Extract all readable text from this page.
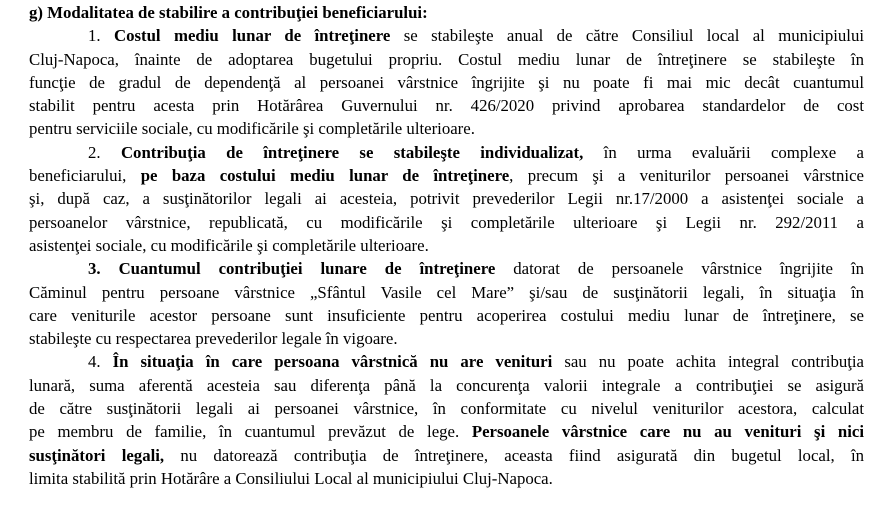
g) Modalitatea de stabilire a contribuţiei beneficiarului:
1. Costul mediu lunar de întreţinere se stabileşte anual de către Consiliul local al municipiului
Cluj-Napoca, înainte de adoptarea bugetului propriu. Costul mediu lunar de întreţinere se stabileşte în
funcţie de gradul de dependenţă al persoanei vârstnice îngrijite şi nu poate fi mai mic decât cuantumul
stabilit pentru acesta prin Hotărârea Guvernului nr. 426/2020 privind aprobarea standardelor de cost
pentru serviciile sociale, cu modificările şi completările ulterioare.
2. Contribuţia de întreţinere se stabileşte individualizat, în urma evaluării complexe a
beneficiarului, pe baza costului mediu lunar de întreţinere, precum şi a veniturilor persoanei vârstnice
şi, după caz, a susţinătorilor legali ai acesteia, potrivit prevederilor Legii nr.17/2000 a asistenţei sociale a
persoanelor vârstnice, republicată, cu modificările şi completările ulterioare şi Legii nr. 292/2011 a
asistenţei sociale, cu modificările şi completările ulterioare.
3. Cuantumul contribuţiei lunare de întreţinere datorat de persoanele vârstnice îngrijite în
Căminul pentru persoane vârstnice „Sfântul Vasile cel Mare” şi/sau de susţinătorii legali, în situaţia în
care veniturile acestor persoane sunt insuficiente pentru acoperirea costului mediu lunar de întreţinere, se
stabileşte cu respectarea prevederilor legale în vigoare.
4. În situaţia în care persoana vârstnică nu are venituri sau nu poate achita integral contribuţia
lunară, suma aferentă acesteia sau diferenţa până la concurenţa valorii integrale a contribuţiei se asigură
de către susţinătorii legali ai persoanei vârstnice, în conformitate cu nivelul veniturilor acestora, calculat
pe membru de familie, în cuantumul prevăzut de lege. Persoanele vârstnice care nu au venituri şi nici
susţinători legali, nu datorează contribuţia de întreţinere, aceasta fiind asigurată din bugetul local, în
limita stabilită prin Hotărâre a Consiliului Local al municipiului Cluj-Napoca.
